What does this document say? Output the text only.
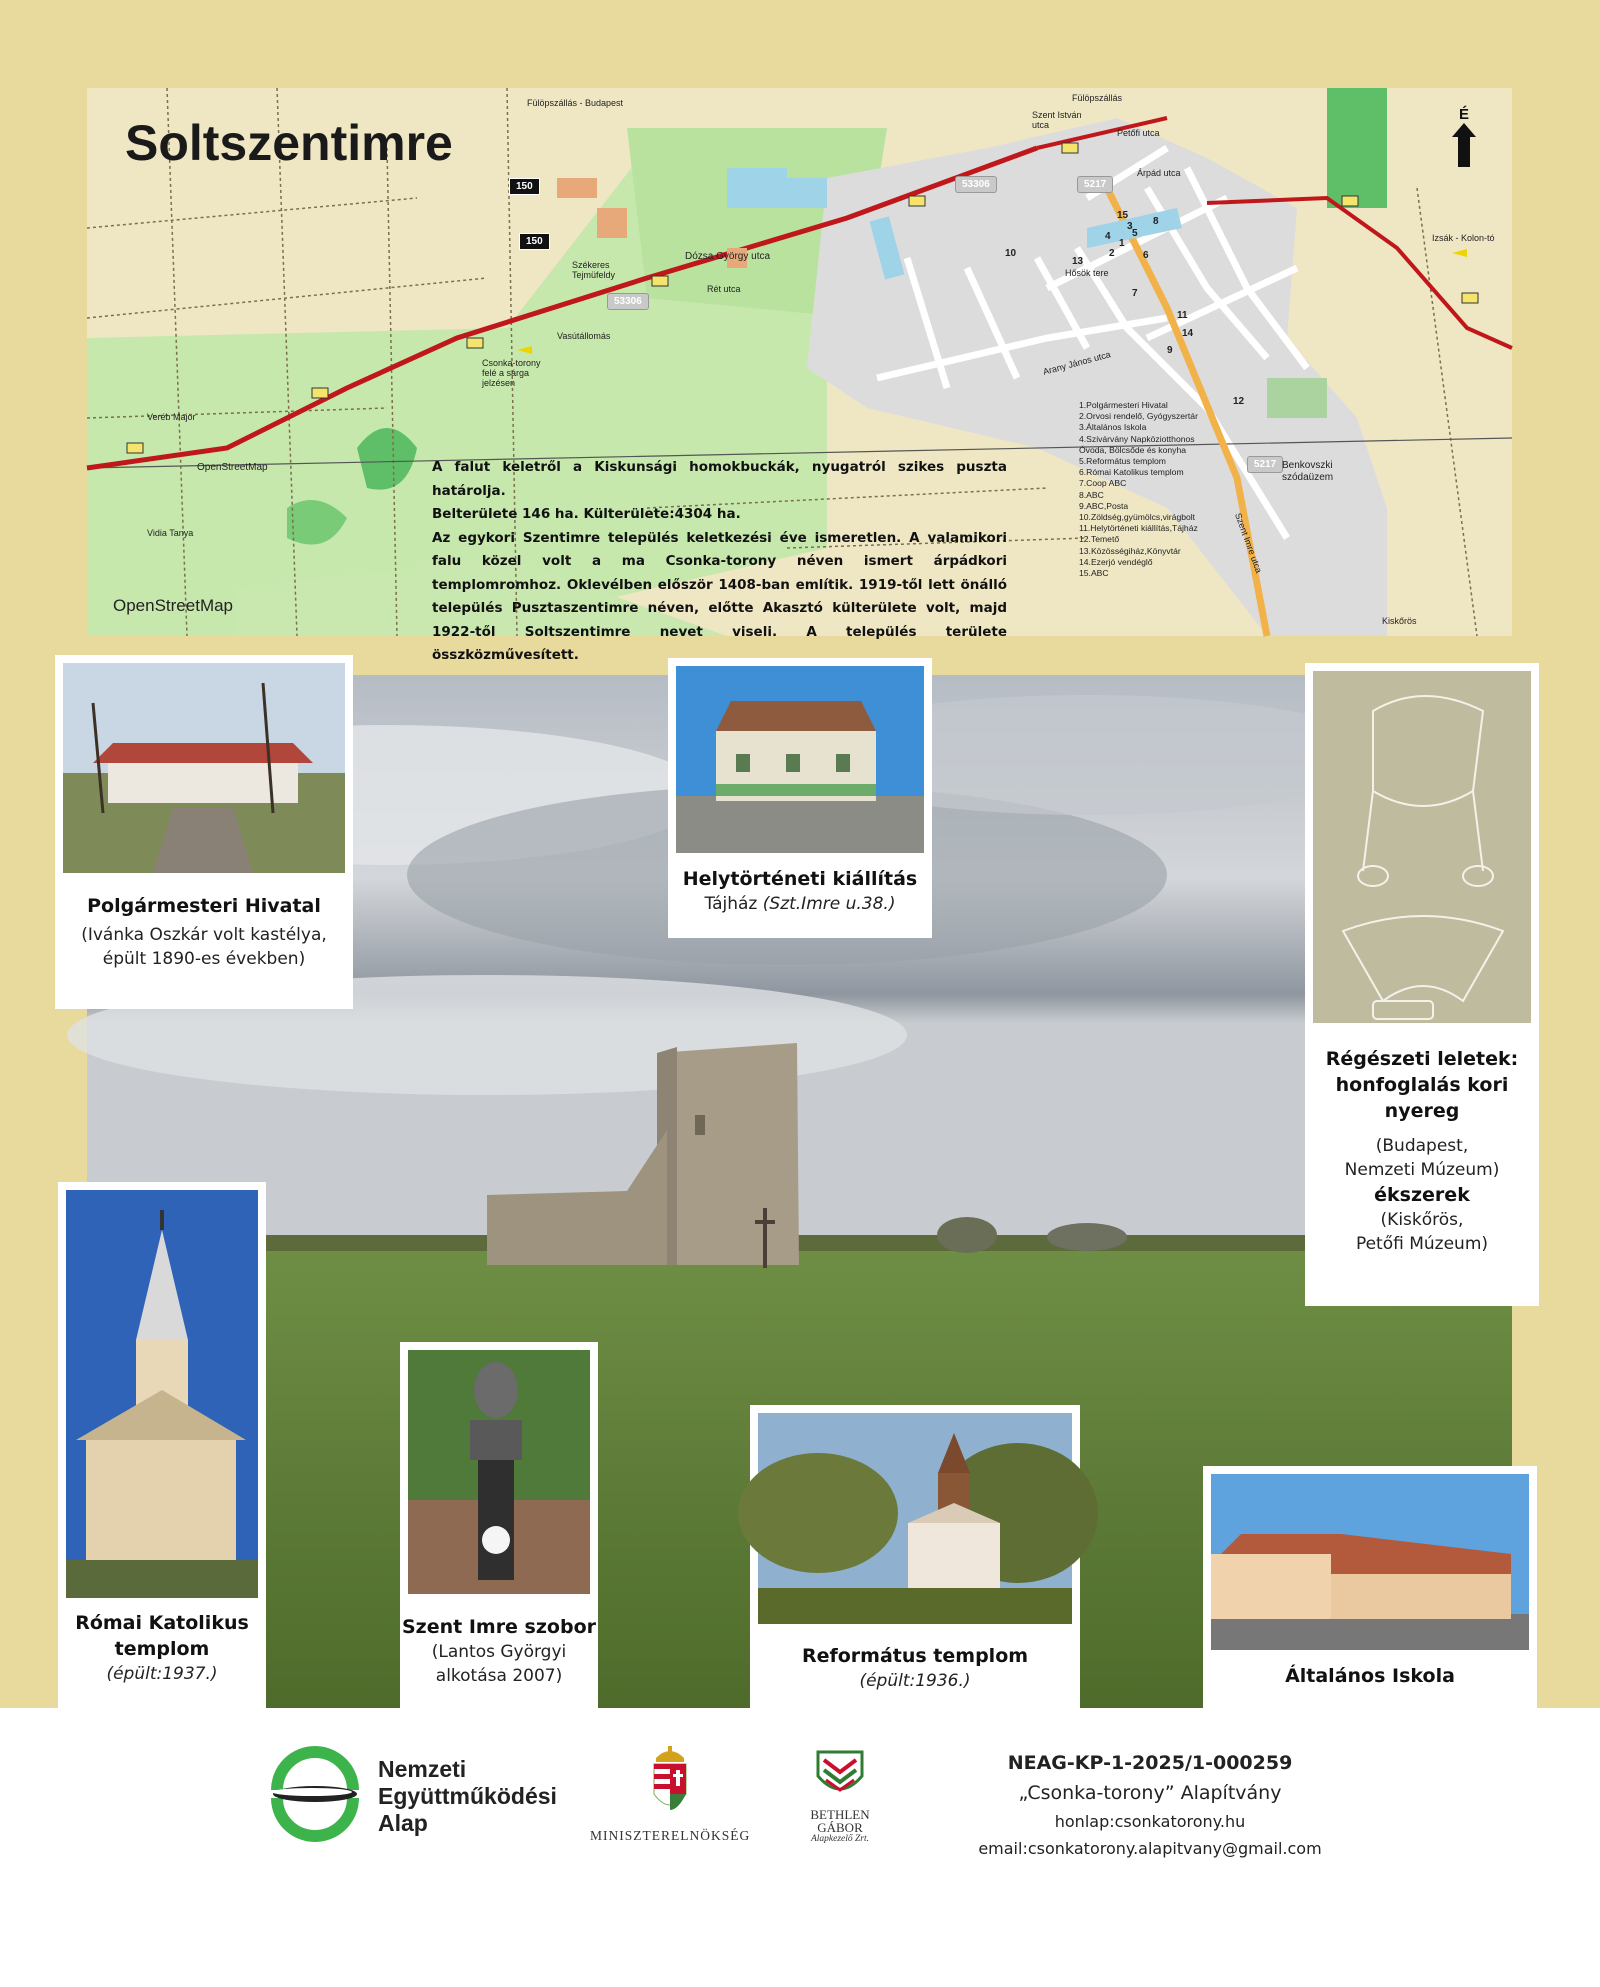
Soltszentimre
150
150
53306
53306	5217
5217
Fülöpszállás - Budapest	Fülöpszállás
Szent István
utca
Petőfi utca
Árpád utca
Dózsa György utca
Rét utca
Vasútállomás
Csonka-torony
felé a sárga
jelzésen
Székeres
Tejmüfeldy
Veréb Major
OpenStreetMap
Vidia Tanya
Hősök tere
Arany János utca
Szent Imre utca
Benkovszki
szódaüzem
Kiskőrös
Izsák - Kolon-tó
1
2
3
4 5
6
7
8
9
10
11
12
13
14
15
É
1.Polgármesteri Hivatal
2.Orvosi rendelő, Gyógyszertár
3.Általános Iskola
4.Szivárvány Napköziotthonos
Óvoda, Bölcsőde és konyha
5.Református templom
6.Római Katolikus templom
7.Coop ABC
8.ABC
9.ABC,Posta
10.Zöldség,gyümölcs,virágbolt
11.Helytörténeti kiállítás,Tájház
12.Temető
13.Közösségiház,Könyvtár
14.Ezerjó vendéglő
15.ABC

A falut keletről a Kiskunsági homokbuckák, nyugatról szikes puszta határolja.

Belterülete 146 ha. Külterülete:4304 ha.

Az egykori Szentimre település keletkezési éve ismeretlen. A valamikori falu közel volt a ma Csonka-torony néven ismert árpádkori templomromhoz. Oklevélben először 1408-ban említik. 1919-től lett önálló település Pusztaszentimre néven, előtte Akasztó külterülete volt, majd 1922-től Soltszentimre nevet viseli. A település területe összközművesített.

OpenStreetMap
Polgármesteri Hivatal
(Ivánka Oszkár volt kastélya,
épült 1890-es években)
Helytörténeti kiállítás
Tájház (Szt.Imre u.38.)
Régészeti leletek:
honfoglalás kori
nyereg
(Budapest,
Nemzeti Múzeum)
ékszerek
(Kiskőrös,
Petőfi Múzeum)
Római Katolikus
templom
(épült:1937.)
Szent Imre szobor
(Lantos Györgyi
alkotása 2007)
Református templom
(épült:1936.)	Általános Iskola
Nemzeti
Együttműködési
Alap	MINISZTERELNÖKSÉG
BETHLEN GÁBOR
Alapkezelő Zrt.
NEAG-KP-1-2025/1-000259
„Csonka-torony” Alapítvány
honlap:csonkatorony.hu
email:csonkatorony.alapitvany@gmail.com
